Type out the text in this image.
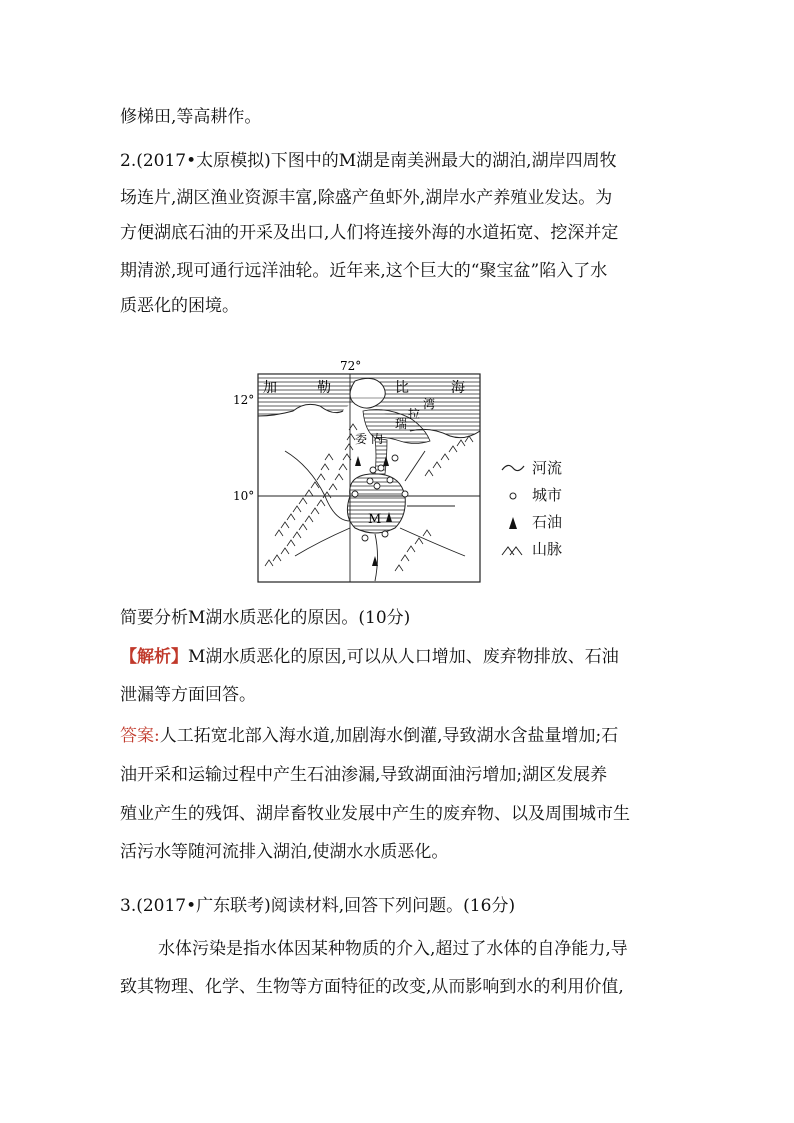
修梯田,等高耕作。
2.(2017•太原模拟)下图中的M湖是南美洲最大的湖泊,湖岸四周牧
场连片,湖区渔业资源丰富,除盛产鱼虾外,湖岸水产养殖业发达。为
方便湖底石油的开采及出口,人们将连接外海的水道拓宽、挖深并定
期清淤,现可通行远洋油轮。近年来,这个巨大的“聚宝盆”陷入了水
质恶化的困境。
72°
12°
10°
加	勒	比	海
委 内
瑞
拉
湾
M
河流
城市
石油
山脉
简要分析M湖水质恶化的原因。(10分)
【解析】M湖水质恶化的原因,可以从人口增加、废弃物排放、石油
泄漏等方面回答。
答案:人工拓宽北部入海水道,加剧海水倒灌,导致湖水含盐量增加;石
油开采和运输过程中产生石油渗漏,导致湖面油污增加;湖区发展养
殖业产生的残饵、湖岸畜牧业发展中产生的废弃物、以及周围城市生
活污水等随河流排入湖泊,使湖水水质恶化。
3.(2017•广东联考)阅读材料,回答下列问题。(16分)
水体污染是指水体因某种物质的介入,超过了水体的自净能力,导
致其物理、化学、生物等方面特征的改变,从而影响到水的利用价值,
